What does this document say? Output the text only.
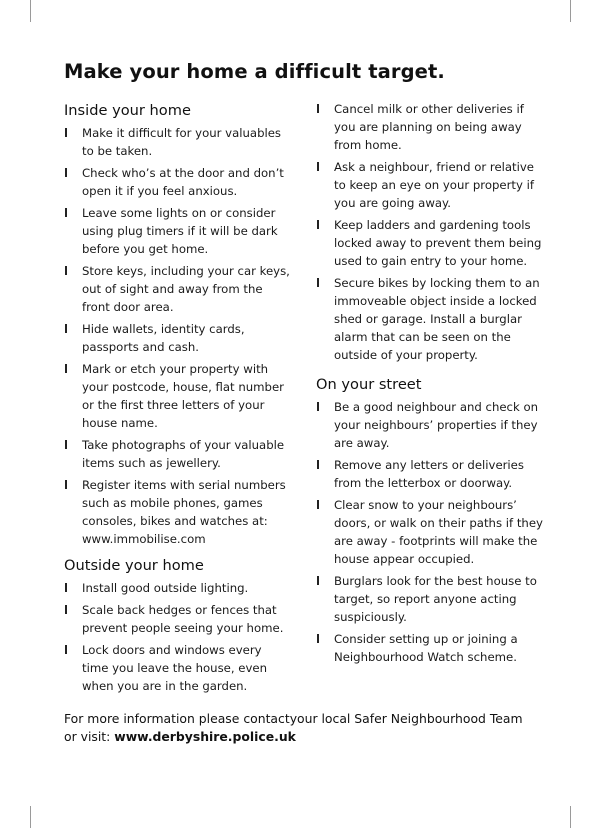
Make your home a difficult target.
Inside your home
Make it difficult for your valuables to be taken.
Check who’s at the door and don’t open it if you feel anxious.
Leave some lights on or consider using plug timers if it will be dark before you get home.
Store keys, including your car keys, out of sight and away from the front door area.
Hide wallets, identity cards, passports and cash.
Mark or etch your property with your postcode, house, flat number or the first three letters of your house name.
Take photographs of your valuable items such as jewellery.
Register items with serial numbers such as mobile phones, games consoles, bikes and watches at: www.immobilise.com
Outside your home
Install good outside lighting.
Scale back hedges or fences that prevent people seeing your home.
Lock doors and windows every time you leave the house, even when you are in the garden.
Cancel milk or other deliveries if you are planning on being away from home.
Ask a neighbour, friend or relative to keep an eye on your property if you are going away.
Keep ladders and gardening tools locked away to prevent them being used to gain entry to your home.
Secure bikes by locking them to an immoveable object inside a locked shed or garage. Install a burglar alarm that can be seen on the outside of your property.
On your street
Be a good neighbour and check on your neighbours’ properties if they are away.
Remove any letters or deliveries from the letterbox or doorway.
Clear snow to your neighbours’ doors, or walk on their paths if they are away - footprints will make the house appear occupied.
Burglars look for the best house to target, so report anyone acting suspiciously.
Consider setting up or joining a Neighbourhood Watch scheme.
For more information please contactyour local Safer Neighbourhood Team
or visit: www.derbyshire.police.uk
